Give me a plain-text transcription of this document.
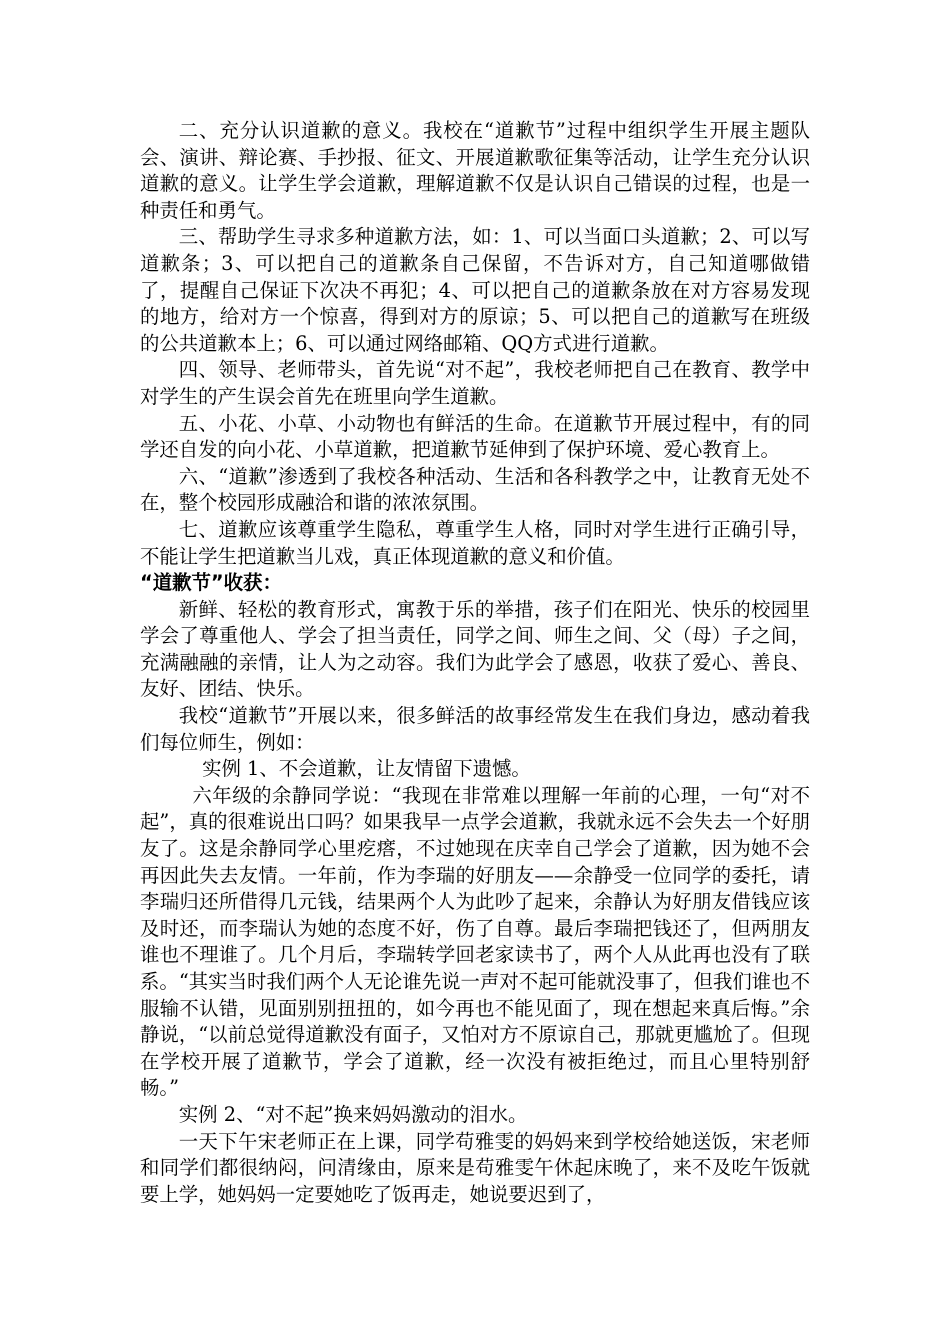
二、充分认识道歉的意义。我校在“道歉节”过程中组织学生开展主题队会、演讲、辩论赛、手抄报、征文、开展道歉歌征集等活动，让学生充分认识道歉的意义。让学生学会道歉，理解道歉不仅是认识自己错误的过程，也是一种责任和勇气。

三、帮助学生寻求多种道歉方法，如：1、可以当面口头道歉；2、可以写道歉条；3、可以把自己的道歉条自己保留，不告诉对方，自己知道哪做错了，提醒自己保证下次决不再犯；4、可以把自己的道歉条放在对方容易发现的地方，给对方一个惊喜，得到对方的原谅；5、可以把自己的道歉写在班级的公共道歉本上；6、可以通过网络邮箱、QQ方式进行道歉。

四、领导、老师带头，首先说“对不起”，我校老师把自己在教育、教学中对学生的产生误会首先在班里向学生道歉。

五、小花、小草、小动物也有鲜活的生命。在道歉节开展过程中，有的同学还自发的向小花、小草道歉，把道歉节延伸到了保护环境、爱心教育上。

六、“道歉”渗透到了我校各种活动、生活和各科教学之中，让教育无处不在，整个校园形成融洽和谐的浓浓氛围。

七、道歉应该尊重学生隐私，尊重学生人格，同时对学生进行正确引导，不能让学生把道歉当儿戏，真正体现道歉的意义和价值。

“道歉节”收获：

新鲜、轻松的教育形式，寓教于乐的举措，孩子们在阳光、快乐的校园里学会了尊重他人、学会了担当责任，同学之间、师生之间、父（母）子之间，充满融融的亲情，让人为之动容。我们为此学会了感恩，收获了爱心、善良、友好、团结、快乐。

我校“道歉节”开展以来，很多鲜活的故事经常发生在我们身边，感动着我们每位师生，例如：

实例 1、不会道歉，让友情留下遗憾。

六年级的余静同学说：“我现在非常难以理解一年前的心理，一句“对不起”，真的很难说出口吗？如果我早一点学会道歉，我就永远不会失去一个好朋友了。这是余静同学心里疙瘩，不过她现在庆幸自己学会了道歉，因为她不会再因此失去友情。一年前，作为李瑞的好朋友——余静受一位同学的委托，请李瑞归还所借得几元钱，结果两个人为此吵了起来，余静认为好朋友借钱应该及时还，而李瑞认为她的态度不好，伤了自尊。最后李瑞把钱还了，但两朋友谁也不理谁了。几个月后，李瑞转学回老家读书了，两个人从此再也没有了联系。“其实当时我们两个人无论谁先说一声对不起可能就没事了，但我们谁也不服输不认错，见面别别扭扭的，如今再也不能见面了，现在想起来真后悔。”余静说，“以前总觉得道歉没有面子，又怕对方不原谅自己，那就更尴尬了。但现在学校开展了道歉节，学会了道歉，经一次没有被拒绝过，而且心里特别舒畅。”

实例 2、“对不起”换来妈妈激动的泪水。

一天下午宋老师正在上课，同学苟雅雯的妈妈来到学校给她送饭，宋老师和同学们都很纳闷，问清缘由，原来是苟雅雯午休起床晚了，来不及吃午饭就要上学，她妈妈一定要她吃了饭再走，她说要迟到了，
